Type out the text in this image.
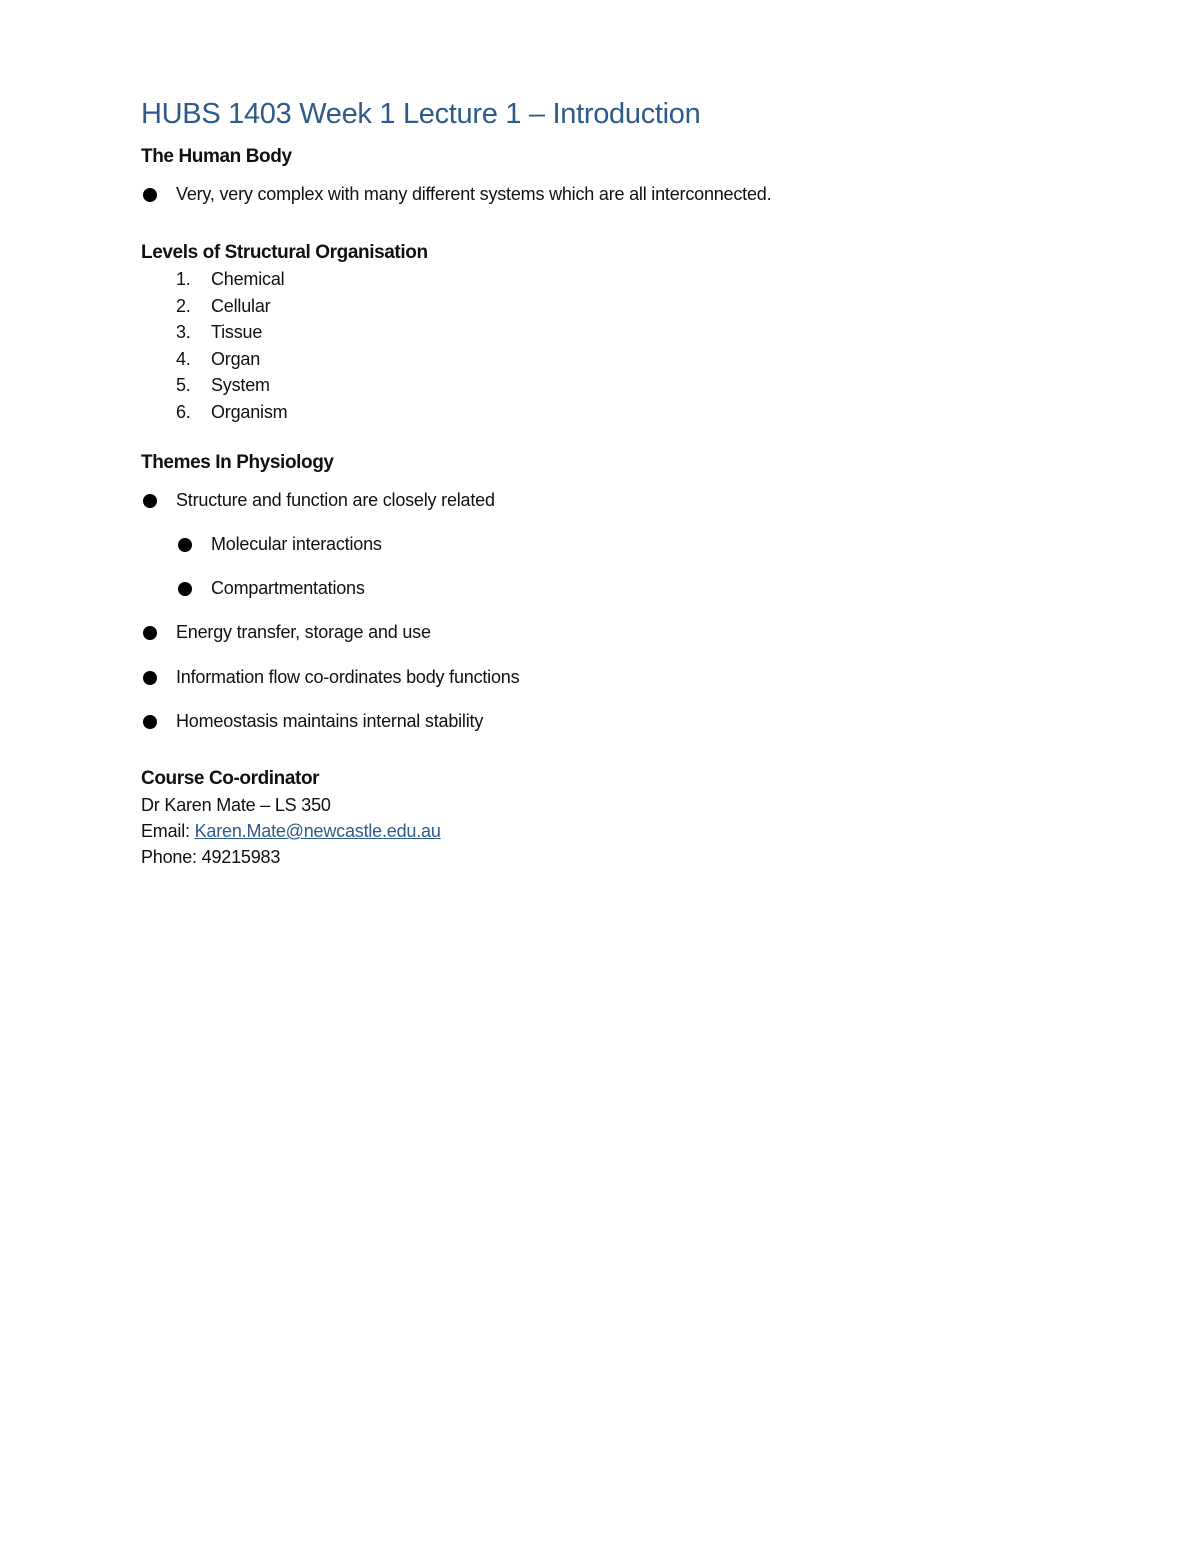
HUBS 1403 Week 1 Lecture 1 – Introduction
The Human Body
Very, very complex with many different systems which are all interconnected.
Levels of Structural Organisation
1. Chemical
2. Cellular
3. Tissue
4. Organ
5. System
6. Organism
Themes In Physiology
Structure and function are closely related
Molecular interactions
Compartmentations
Energy transfer, storage and use
Information flow co-ordinates body functions
Homeostasis maintains internal stability
Course Co-ordinator
Dr Karen Mate – LS 350
Email: Karen.Mate@newcastle.edu.au
Phone: 49215983
